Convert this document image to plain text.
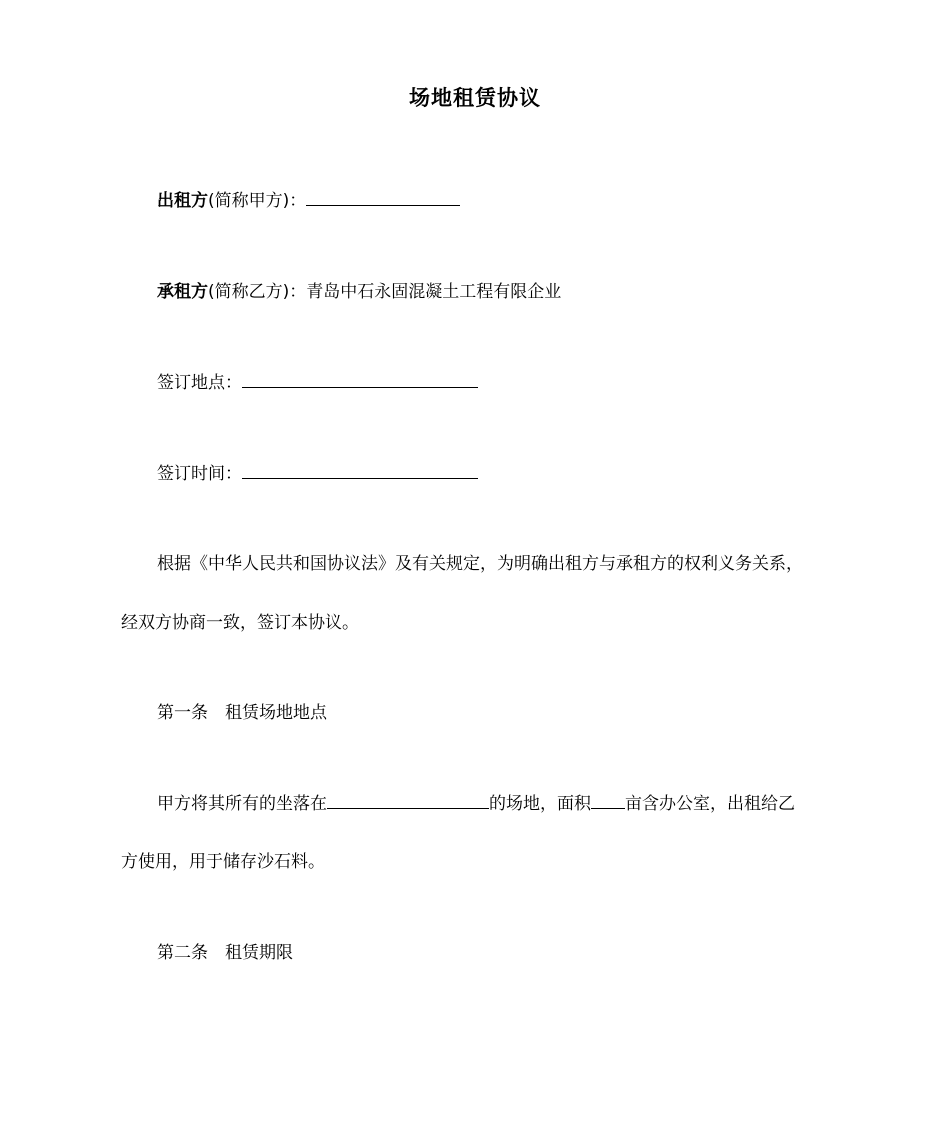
场地租赁协议
出租方(简称甲方)：
承租方(简称乙方)：青岛中石永固混凝土工程有限企业
签订地点：
签订时间：
根据《中华人民共和国协议法》及有关规定，为明确出租方与承租方的权利义务关系，
经双方协商一致，签订本协议。
第一条 租赁场地地点
甲方将其所有的坐落在	的场地，面积 亩含办公室，出租给乙
方使用，用于储存沙石料。
第二条 租赁期限
